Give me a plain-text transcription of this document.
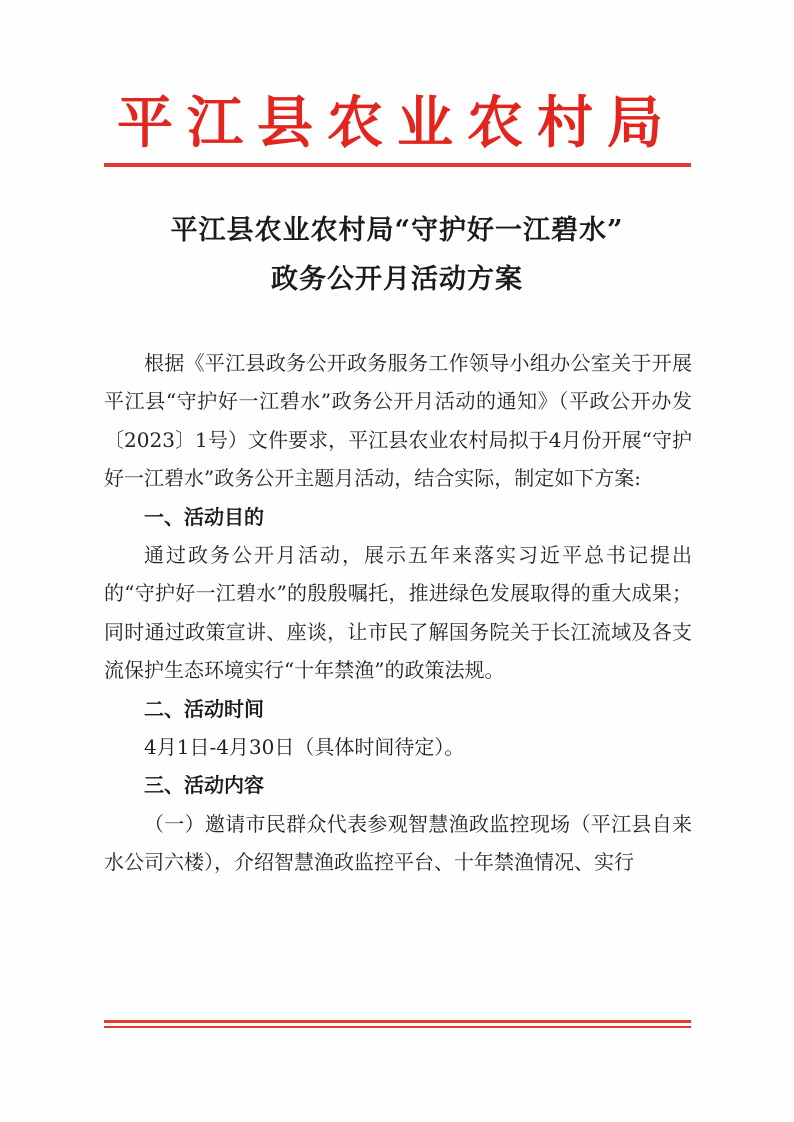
平江县农业农村局
平江县农业农村局“守护好一江碧水”
政务公开月活动方案

根据《平江县政务公开政务服务工作领导小组办公室关于开展平江县“守护好一江碧水”政务公开月活动的通知》（平政公开办发〔2023〕1号）文件要求，平江县农业农村局拟于4月份开展“守护好一江碧水”政务公开主题月活动，结合实际，制定如下方案:

一、活动目的

通过政务公开月活动，展示五年来落实习近平总书记提出的“守护好一江碧水”的殷殷嘱托，推进绿色发展取得的重大成果；同时通过政策宣讲、座谈，让市民了解国务院关于长江流域及各支流保护生态环境实行“十年禁渔”的政策法规。

二、活动时间

4月1日-4月30日（具体时间待定）。

三、活动内容

（一）邀请市民群众代表参观智慧渔政监控现场（平江县自来水公司六楼），介绍智慧渔政监控平台、十年禁渔情况、实行
